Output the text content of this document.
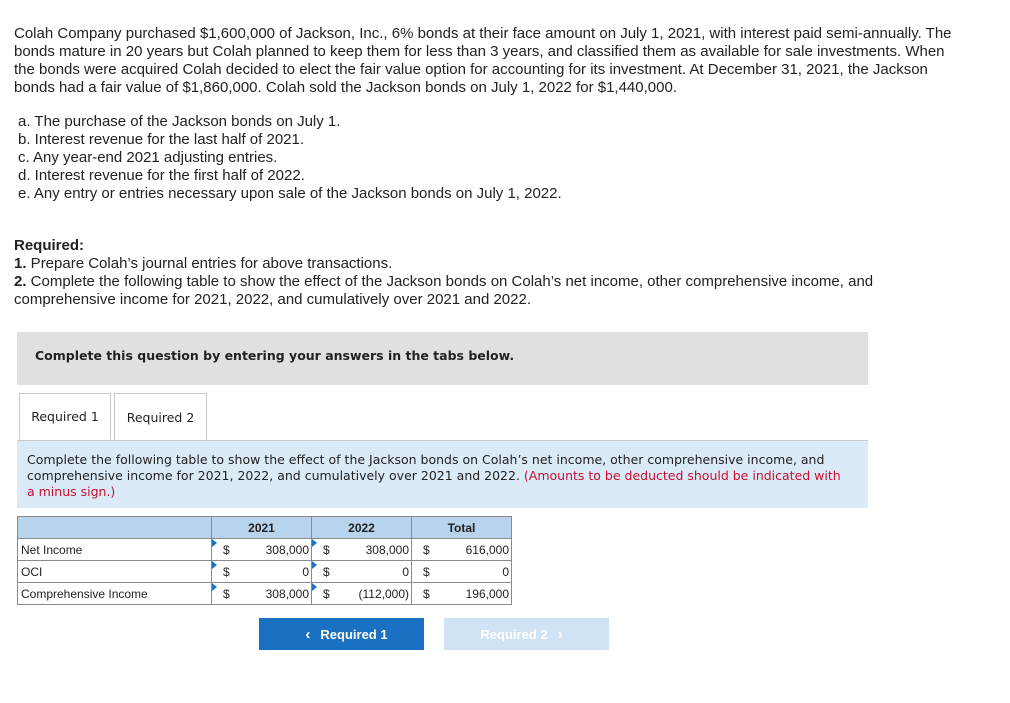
Colah Company purchased $1,600,000 of Jackson, Inc., 6% bonds at their face amount on July 1, 2021, with interest paid semi-annually. The bonds mature in 20 years but Colah planned to keep them for less than 3 years, and classified them as available for sale investments. When the bonds were acquired Colah decided to elect the fair value option for accounting for its investment. At December 31, 2021, the Jackson bonds had a fair value of $1,860,000. Colah sold the Jackson bonds on July 1, 2022 for $1,440,000.

a. The purchase of the Jackson bonds on July 1.
b. Interest revenue for the last half of 2021.
c. Any year-end 2021 adjusting entries.
d. Interest revenue for the first half of 2022.
e. Any entry or entries necessary upon sale of the Jackson bonds on July 1, 2022.
Required:
1. Prepare Colah’s journal entries for above transactions.
2. Complete the following table to show the effect of the Jackson bonds on Colah’s net income, other comprehensive income, and comprehensive income for 2021, 2022, and cumulatively over 2021 and 2022.
Complete this question by entering your answers in the tabs below.
Required 1	Required 2

Complete the following table to show the effect of the Jackson bonds on Colah’s net income, other comprehensive income, and comprehensive income for 2021, 2022, and cumulatively over 2021 and 2022. (Amounts to be deducted should be indicated with a minus sign.)

	2021	2022	Total
Net Income	$ 308,000	$ 308,000	$ 616,000

OCI	$ 0	$ 0	$ 0

Comprehensive Income	$ 308,000	$ (112,000)	$ 196,000
‹ Required 1	Required 2 ›
